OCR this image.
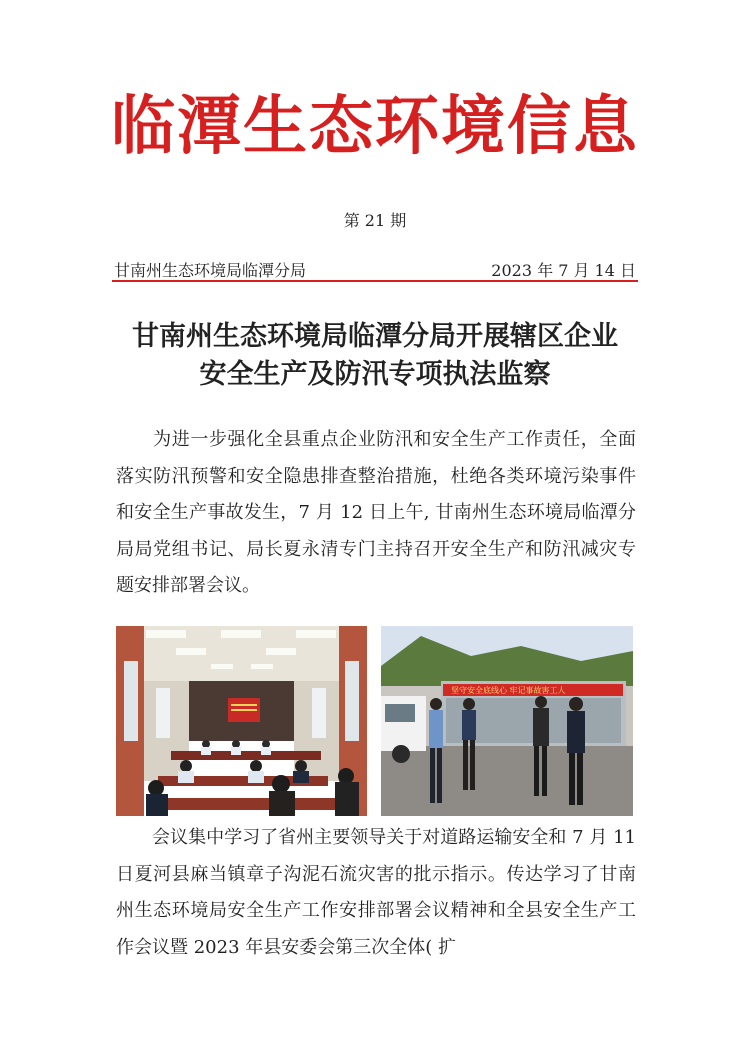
临潭生态环境信息
第 21 期
甘南州生态环境局临潭分局	2023 年 7 月 14 日
甘南州生态环境局临潭分局开展辖区企业
安全生产及防汛专项执法监察

　　为进一步强化全县重点企业防汛和安全生产工作责任，全面落实防汛预警和安全隐患排查整治措施，杜绝各类环境污染事件和安全生产事故发生，7 月 12 日上午, 甘南州生态环境局临潭分局局党组书记、局长夏永清专门主持召开安全生产和防汛减灾专题安排部署会议。

坚守安全底线心 牢记事故害工人

　　会议集中学习了省州主要领导关于对道路运输安全和 7 月 11 日夏河县麻当镇章子沟泥石流灾害的批示指示。传达学习了甘南州生态环境局安全生产工作安排部署会议精神和全县安全生产工作会议暨 2023 年县安委会第三次全体( 扩
